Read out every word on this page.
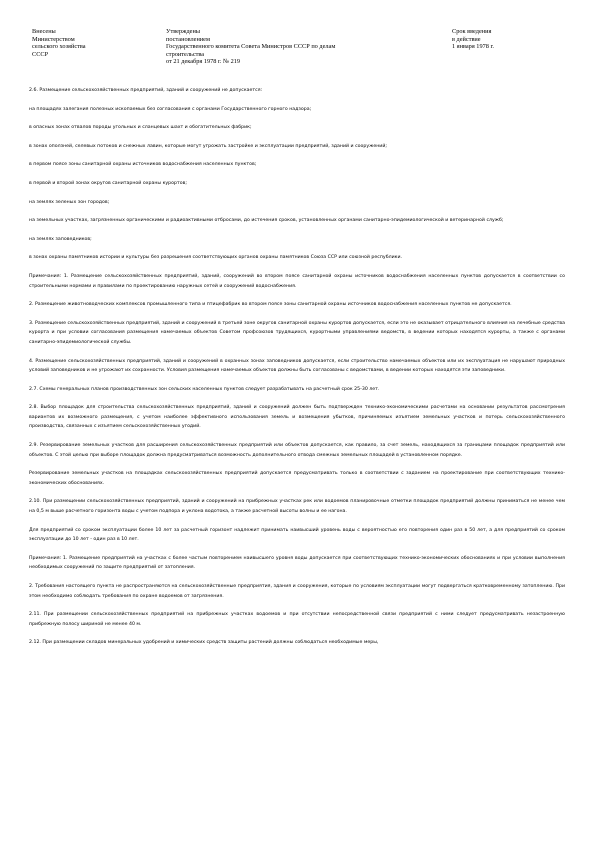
Внесены
Министерством
сельского хозяйства
СССР
Утверждены
постановлением
Государственного комитета Совета Министров СССР по делам
строительства
от 21 декабря 1978 г. № 219
Срок введения
в действие
1 января 1978 г.

2.6. Размещение сельскохозяйственных предприятий, зданий и сооружений не допускается:

на площадях залегания полезных ископаемых без согласования с органами Государственного горного надзора;

в опасных зонах отвалов породы угольных и сланцевых шахт и обогатительных фабрик;

в зонах оползней, селевых потоков и снежных лавин, которые могут угрожать застройке и эксплуатации предприятий, зданий и сооружений;

в первом поясе зоны санитарной охраны источников водоснабжения населенных пунктов;

в первой и второй зонах округов санитарной охраны курортов;

на землях зеленых зон городов;

на земельных участках, загрязненных органическими и радиоактивными отбросами, до истечения сроков, установленных органами санитарно-эпидемиологической и ветеринарной служб;

на землях заповедников;

в зонах охраны памятников истории и культуры без разрешения соответствующих органов охраны памятников Союза ССР или союзной республики.

Примечания: 1. Размещение сельскохозяйственных предприятий, зданий, сооружений во втором поясе санитарной охраны источников водоснабжения населенных пунктов допускается в соответствии со строительными нормами и правилами по проектированию наружных сетей и сооружений водоснабжения.

2. Размещение животноводческих комплексов промышленного типа и птицефабрик во втором поясе зоны санитарной охраны источников водоснабжения населенных пунктов не допускается.

3. Размещение сельскохозяйственных предприятий, зданий и сооружений в третьей зоне округов санитарной охраны курортов допускается, если это не оказывает отрицательного влияния на лечебные средства курорта и при условии согласования размещения намечаемых объектов Советом пpoфсоюзов трудящихся, курортными управлениями ведомств, в ведении которых находятся курорты, а также с органами санитарно-эпидемиологической службы.

4. Размещение сельскохозяйственных предприятий, зданий и сооружений в охранных зонах заповедников допускается, если строительство намечаемых объектов или их эксплуатация не нарушают природных условий заповедников и не угрожают их сохранности. Условия размещения намечаемых объектов должны быть согласованы с ведомствами, в ведении которых находятся эти заповедники.

2.7. Схемы генеральных планов производственных зон сельских населенных пунктов следует разрабатывать на расчетный срок 25-30 лет.

2.8. Выбор площадок для строительства сельскохозяйственных предприятий, зданий и сооружений должен быть подтвержден технико-экономическими расчетами на основании результатов рассмотрения вариантов их возможного размещения, с учетом наиболее эффективного использования земель и возмещения убытков, причиняемых изъятием земельных участков и потерь сельскохозяйственного производства, связанных с изъятием сельскохозяйственных угодий.

2.9. Резервирование земельных участков для расширения сельскохозяйственных предприятий или объектов допускается, как правило, за счет земель, находящихся за границами площадок предприятий или объектов. С этой целью при выборе площадок должна предусматриваться возможность дополнительного отвода смежных земельных площадей в установленном порядке.

Резервирование земельных участков на площадках сельскохозяйственных предприятий допускается предусматривать только в соответствии с заданием на проектирование при соответствующих технико-экономических обоснованиях.

2.10. При размещении сельскохозяйственных предприятий, зданий и сооружений на прибрежных участках рек или водоемов планировочные отметки площадок предприятий должны приниматься не менее чем на 0,5 м выше расчетного горизонта воды с учетом подпора и уклона водотока, а также расчетной высоты волны и ее нагона.

Для предприятий со сроком эксплуатации более 10 лет за расчетный горизонт надлежит принимать наивысший уровень воды с вероятностью его повторения один раз в 50 лет, а для предприятий со сроком эксплуатации до 10 лет - один раз в 10 лет.

Примечания: 1. Размещение предприятий на участках с более частым повторением наивысшего уровня воды допускается при соответствующих технико-экономических обоснованиях и при условии выполнения необходимых сооружений по защите предприятий от затопления.

2. Требования настоящего пункта не распространяются на сельскохозяйственные предприятия, здания и сооружения, которые по условиям эксплуатации могут подвергаться кратковременному затоплению. При этом необходимо соблюдать требования по охране водоемов от загрязнения.

2.11. При размещении сельскохозяйственных предприятий на прибрежных участках водоемов и при отсутствии непосредственной связи предприятий с ними следует предусматривать незастроенную прибрежную полосу шириной не менее 40 м.

2.12. При размещении складов минеральных удобрений и химических средств защиты растений должны соблюдаться необходимые меры,
